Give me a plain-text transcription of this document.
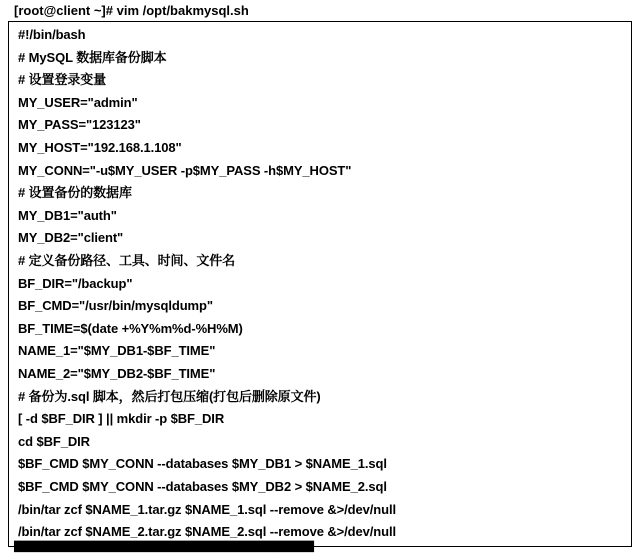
[root@client ~]# vim /opt/bakmysql.sh
#!/bin/bash
# MySQL 数据库备份脚本
# 设置登录变量
MY_USER="admin"
MY_PASS="123123"
MY_HOST="192.168.1.108"
MY_CONN="-u$MY_USER -p$MY_PASS -h$MY_HOST"
# 设置备份的数据库
MY_DB1="auth"
MY_DB2="client"
# 定义备份路径、工具、时间、文件名
BF_DIR="/backup"
BF_CMD="/usr/bin/mysqldump"
BF_TIME=$(date +%Y%m%d-%H%M)
NAME_1="$MY_DB1-$BF_TIME"
NAME_2="$MY_DB2-$BF_TIME"
# 备份为.sql 脚本，然后打包压缩(打包后删除原文件)
[ -d $BF_DIR ] || mkdir -p $BF_DIR
cd $BF_DIR
$BF_CMD $MY_CONN --databases $MY_DB1 > $NAME_1.sql
$BF_CMD $MY_CONN --databases $MY_DB2 > $NAME_2.sql
/bin/tar zcf $NAME_1.tar.gz $NAME_1.sql --remove &>/dev/null
/bin/tar zcf $NAME_2.tar.gz $NAME_2.sql --remove &>/dev/null
▆▆▆▆▆▆▆▆▆▆▆▆▆▆▆▆▆▆▆▆▆▆▆▆▆▆▆▆▆▆
